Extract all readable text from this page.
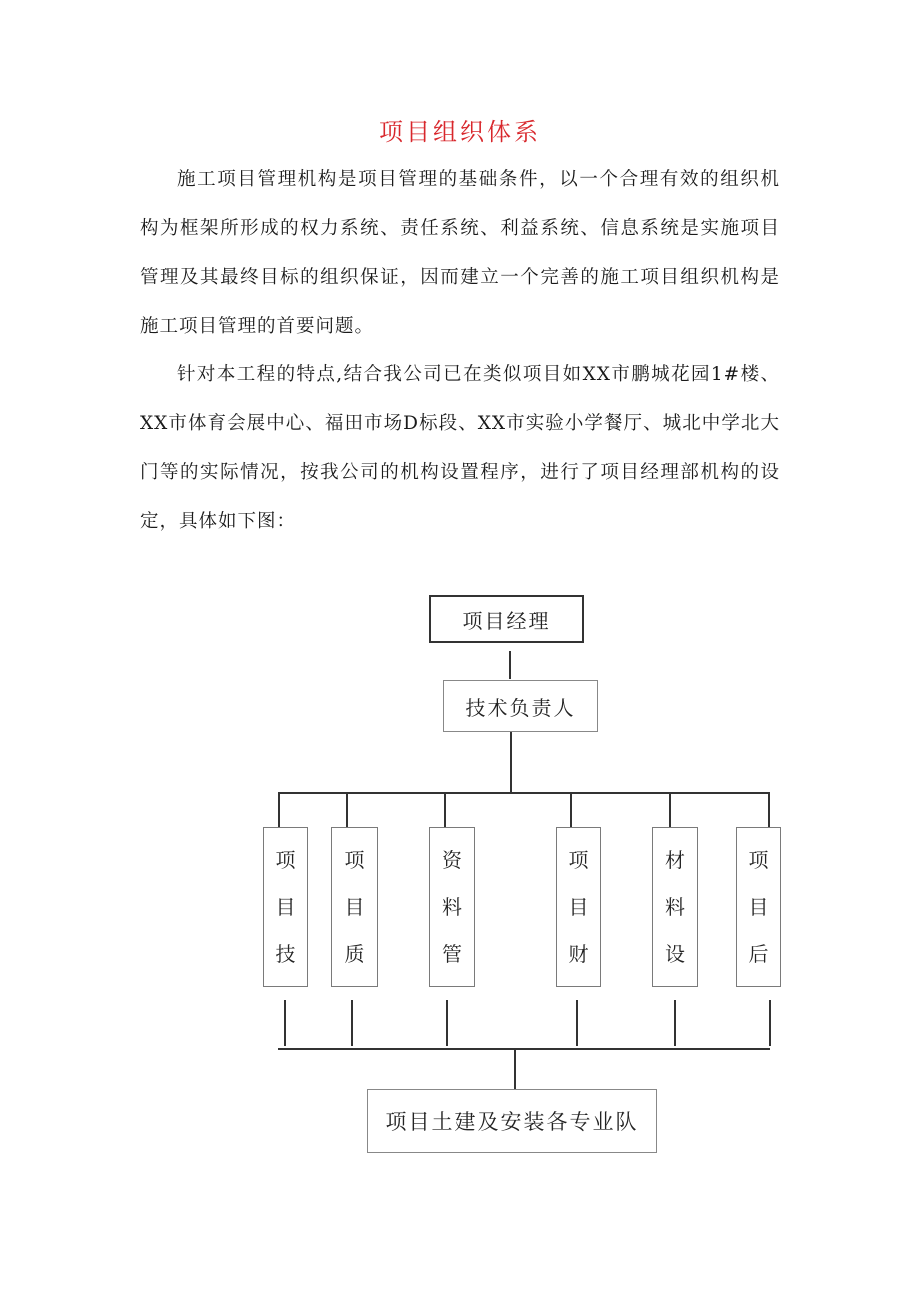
项目组织体系

施工项目管理机构是项目管理的基础条件，以一个合理有效的组织机构为框架所形成的权力系统、责任系统、利益系统、信息系统是实施项目管理及其最终目标的组织保证，因而建立一个完善的施工项目组织机构是施工项目管理的首要问题。

针对本工程的特点,结合我公司已在类似项目如XX市鹏城花园1#楼、XX市体育会展中心、福田市场D标段、XX市实验小学餐厅、城北中学北大门等的实际情况，按我公司的机构设置程序，进行了项目经理部机构的设定，具体如下图：

项目经理
技术负责人
项
目
技
项
目
质
资
料
管
项
目
财
材
料
设
项
目
后
项目土建及安装各专业队
